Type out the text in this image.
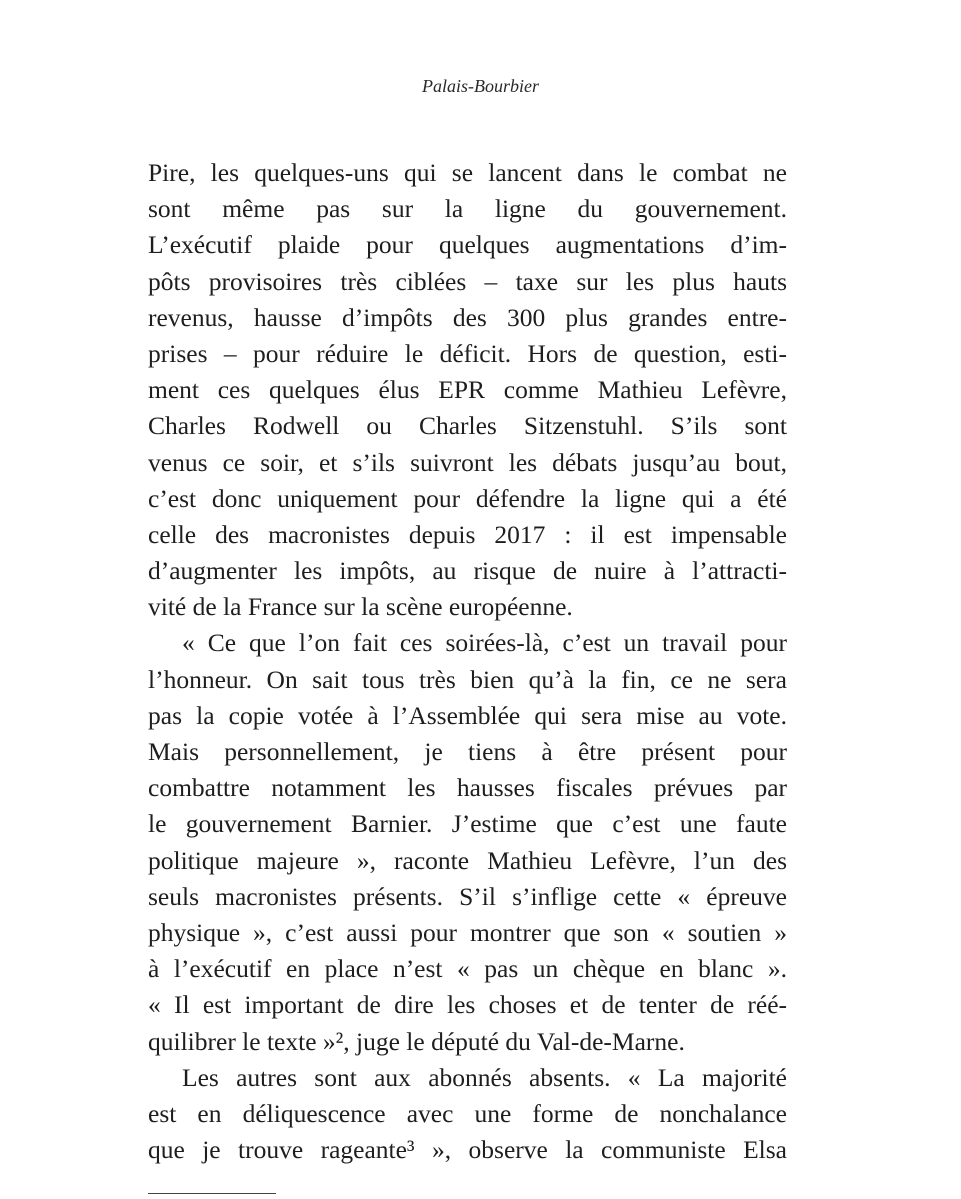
Palais-Bourbier
Pire, les quelques-uns qui se lancent dans le combat ne
sont même pas sur la ligne du gouvernement.
L’exécutif plaide pour quelques augmentations d’im-
pôts provisoires très ciblées – taxe sur les plus hauts
revenus, hausse d’impôts des 300 plus grandes entre-
prises – pour réduire le déficit. Hors de question, esti-
ment ces quelques élus EPR comme Mathieu Lefèvre,
Charles Rodwell ou Charles Sitzenstuhl. S’ils sont
venus ce soir, et s’ils suivront les débats jusqu’au bout,
c’est donc uniquement pour défendre la ligne qui a été
celle des macronistes depuis 2017 : il est impensable
d’augmenter les impôts, au risque de nuire à l’attracti-
vité de la France sur la scène européenne.
« Ce que l’on fait ces soirées-là, c’est un travail pour
l’honneur. On sait tous très bien qu’à la fin, ce ne sera
pas la copie votée à l’Assemblée qui sera mise au vote.
Mais personnellement, je tiens à être présent pour
combattre notamment les hausses fiscales prévues par
le gouvernement Barnier. J’estime que c’est une faute
politique majeure », raconte Mathieu Lefèvre, l’un des
seuls macronistes présents. S’il s’inflige cette « épreuve
physique », c’est aussi pour montrer que son « soutien »
à l’exécutif en place n’est « pas un chèque en blanc ».
« Il est important de dire les choses et de tenter de réé-
quilibrer le texte »², juge le député du Val-de-Marne.
Les autres sont aux abonnés absents. « La majorité
est en déliquescence avec une forme de nonchalance
que je trouve rageante³ », observe la communiste Elsa
